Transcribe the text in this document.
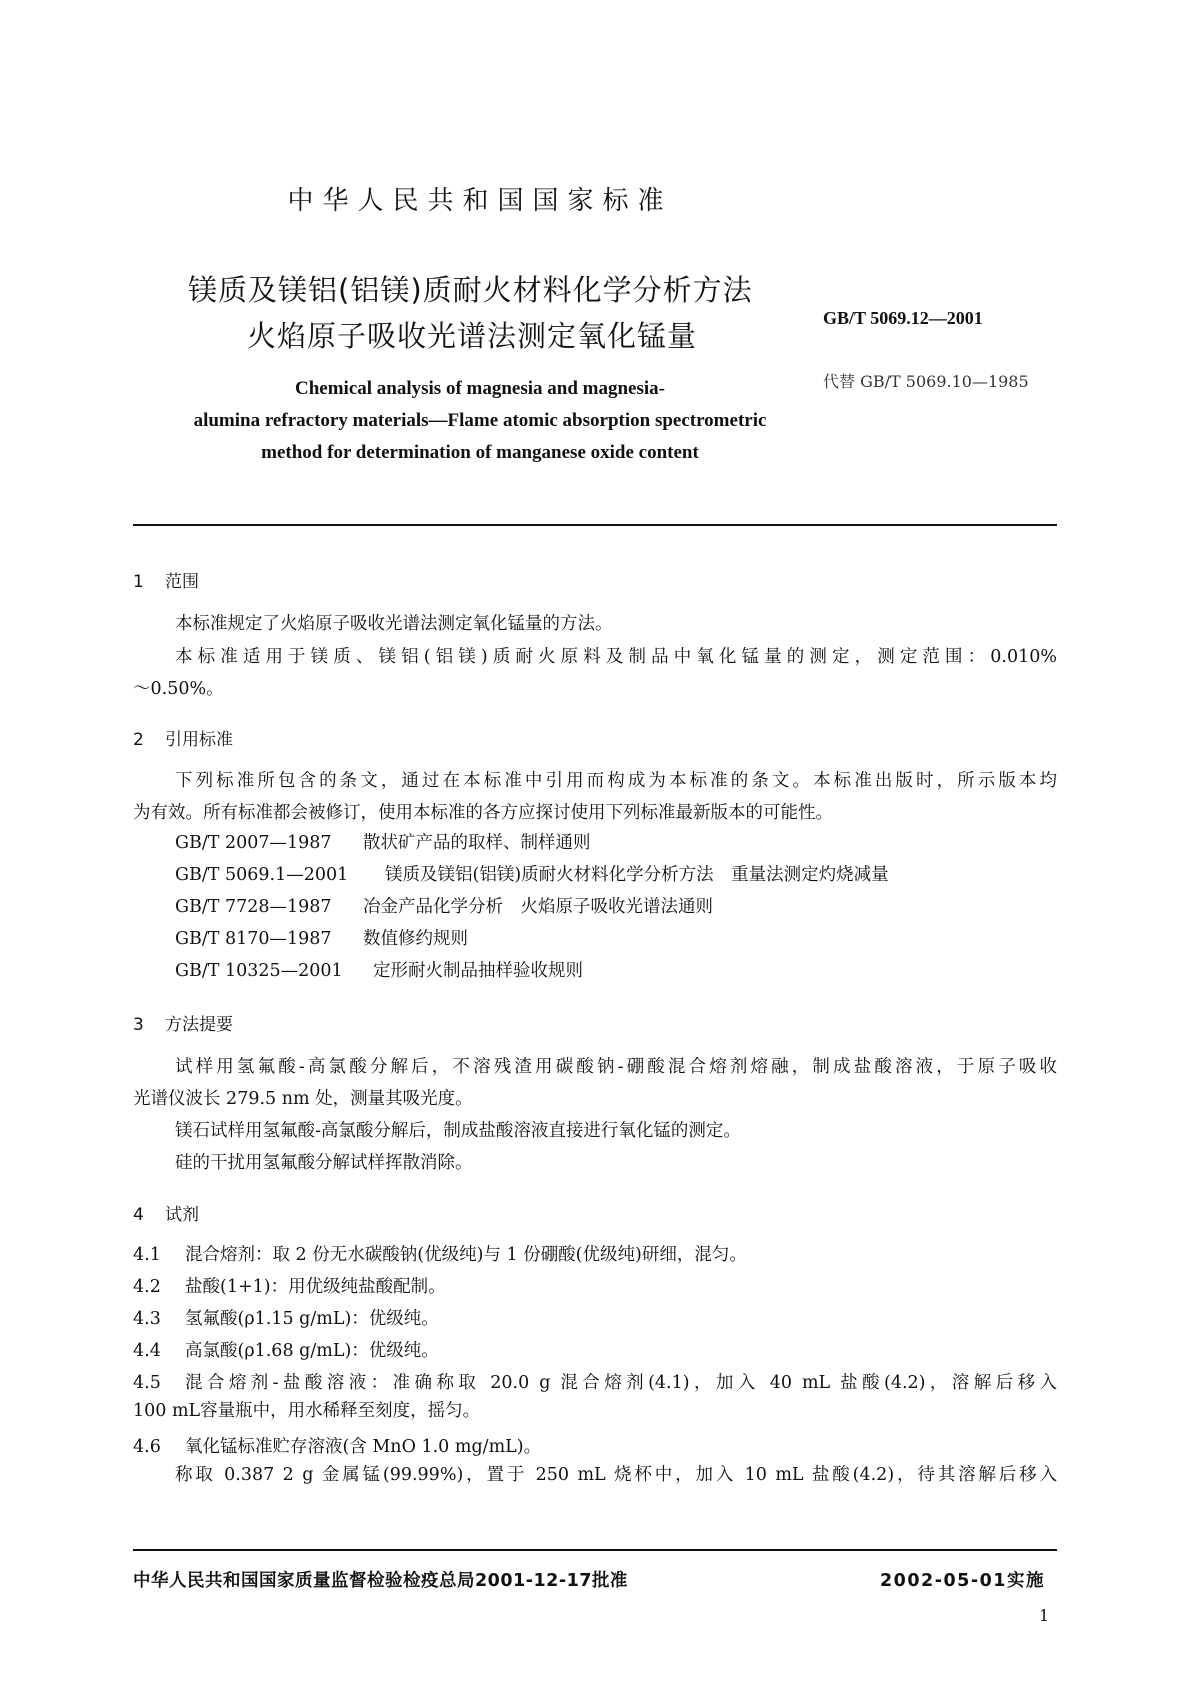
中华人民共和国国家标准
镁质及镁铝(铝镁)质耐火材料化学分析方法
火焰原子吸收光谱法测定氧化锰量
GB/T 5069.12—2001
代替 GB/T 5069.10—1985
Chemical analysis of magnesia and magnesia-
alumina refractory materials—Flame atomic absorption spectrometric
method for determination of manganese oxide content
1 范围
本标准规定了火焰原子吸收光谱法测定氧化锰量的方法。
本标准适用于镁质、镁铝(铝镁)质耐火原料及制品中氧化锰量的测定，测定范围：0.010%
～0.50%。
2 引用标准
下列标准所包含的条文，通过在本标准中引用而构成为本标准的条文。本标准出版时，所示版本均
为有效。所有标准都会被修订，使用本标准的各方应探讨使用下列标准最新版本的可能性。
GB/T 2007—1987 散状矿产品的取样、制样通则
GB/T 5069.1—2001 镁质及镁铝(铝镁)质耐火材料化学分析方法　重量法测定灼烧减量
GB/T 7728—1987 冶金产品化学分析　火焰原子吸收光谱法通则
GB/T 8170—1987 数值修约规则
GB/T 10325—2001 定形耐火制品抽样验收规则
3 方法提要
试样用氢氟酸-高氯酸分解后，不溶残渣用碳酸钠-硼酸混合熔剂熔融，制成盐酸溶液，于原子吸收
光谱仪波长 279.5 nm 处，测量其吸光度。
镁石试样用氢氟酸-高氯酸分解后，制成盐酸溶液直接进行氧化锰的测定。
硅的干扰用氢氟酸分解试样挥散消除。
4 试剂
4.1 混合熔剂：取 2 份无水碳酸钠(优级纯)与 1 份硼酸(优级纯)研细，混匀。
4.2 盐酸(1+1)：用优级纯盐酸配制。
4.3 氢氟酸(ρ1.15 g/mL)：优级纯。
4.4 高氯酸(ρ1.68 g/mL)：优级纯。
4.5 混合熔剂-盐酸溶液：准确称取 20.0 g 混合熔剂(4.1)，加入 40 mL 盐酸(4.2)，溶解后移入
100 mL容量瓶中，用水稀释至刻度，摇匀。
4.6 氧化锰标准贮存溶液(含 MnO 1.0 mg/mL)。
称取 0.387 2 g 金属锰(99.99%)，置于 250 mL 烧杯中，加入 10 mL 盐酸(4.2)，待其溶解后移入
中华人民共和国国家质量监督检验检疫总局2001-12-17批准	2002-05-01实施
1
